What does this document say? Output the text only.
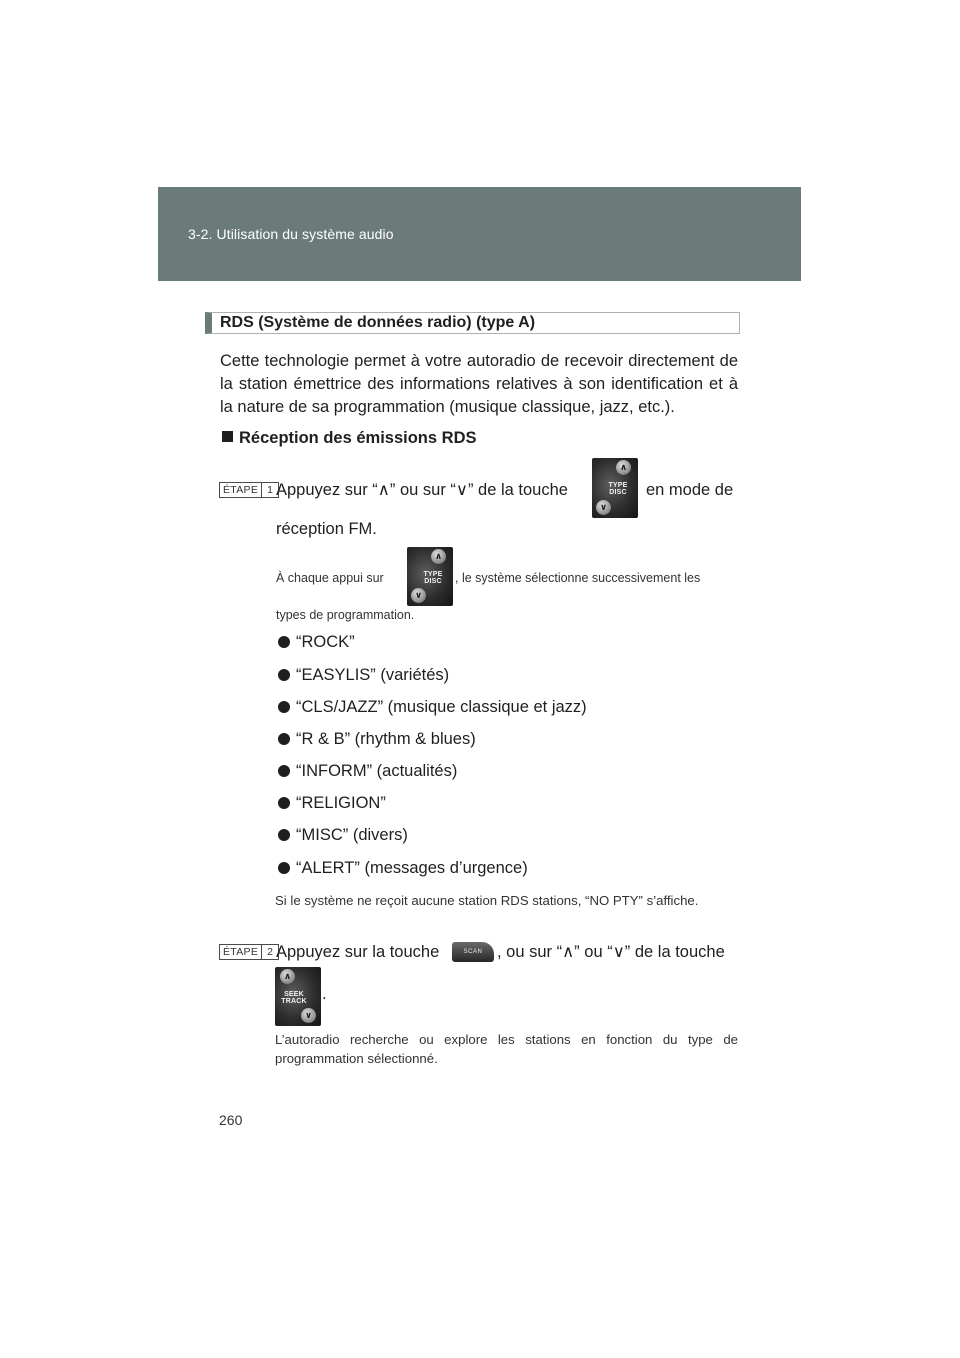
3-2. Utilisation du système audio
RDS (Système de données radio) (type A)
Cette technologie permet à votre autoradio de recevoir directement de la station émettrice des informations relatives à son identification et à la nature de sa programmation (musique classique, jazz, etc.).
Réception des émissions RDS
ÉTAPE 1 Appuyez sur “∧” ou sur “∨” de la touche
∧
TYPE
DISC
∨
en mode de
réception FM.
À chaque appui sur
∧
TYPE
DISC
∨
, le système sélectionne successivement les
types de programmation.
“ROCK”
“EASYLIS” (variétés)
“CLS/JAZZ” (musique classique et jazz)
“R & B” (rhythm & blues)
“INFORM” (actualités)
“RELIGION”
“MISC” (divers)
“ALERT” (messages d’urgence)
Si le système ne reçoit aucune station RDS stations, “NO PTY” s’affiche.
ÉTAPE 2 Appuyez sur la touche	SCAN , ou sur “∧” ou “∨” de la touche
∧
SEEK
TRACK
∨
.
L’autoradio recherche ou explore les stations en fonction du type de programmation sélectionné.
260
